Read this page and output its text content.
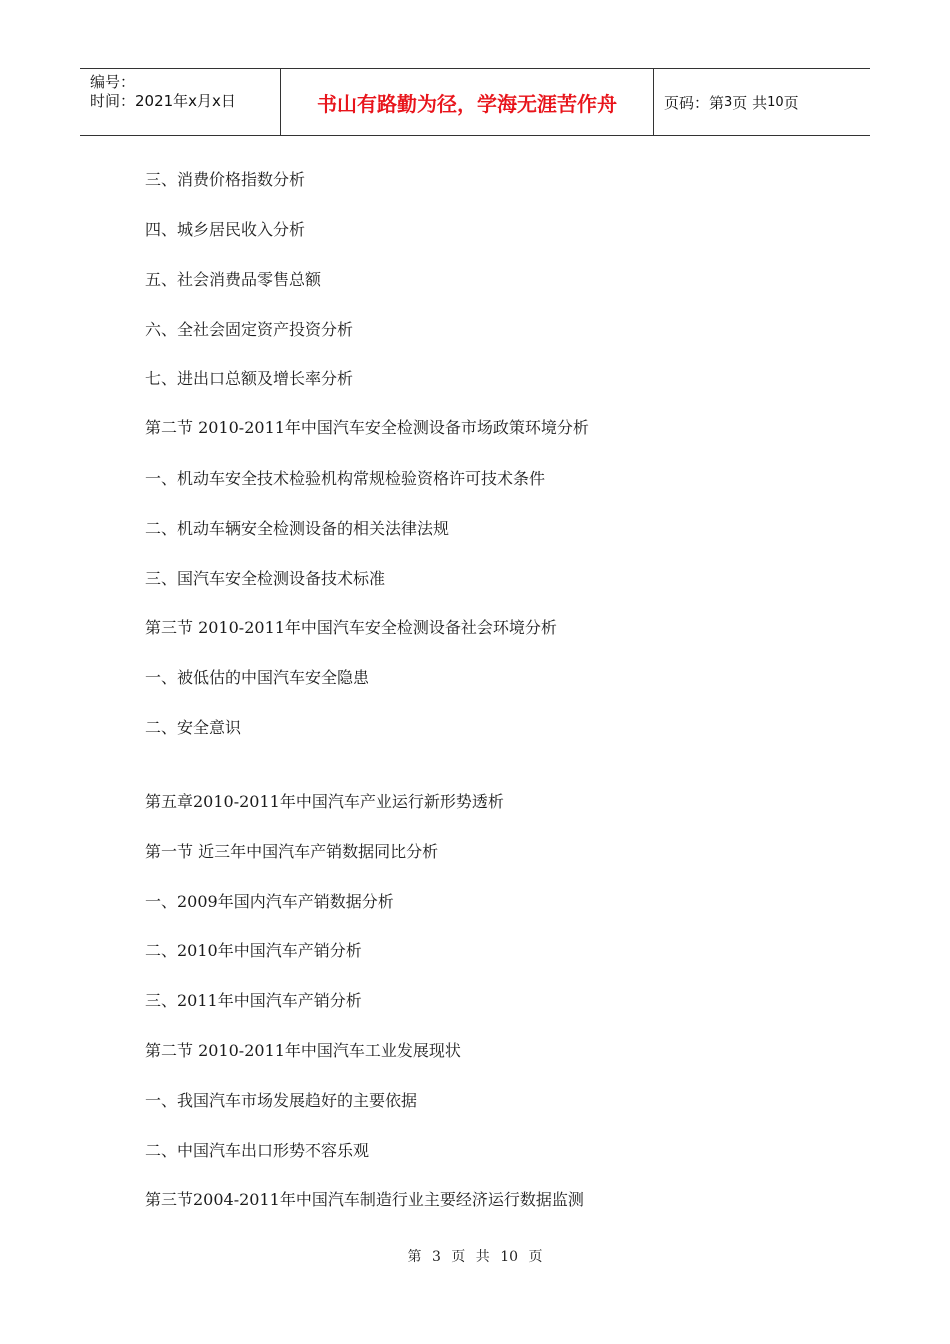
编号：
时间：2021年x月x日	书山有路勤为径，学海无涯苦作舟	页码：第 3 页 共 10 页
三、消费价格指数分析
四、城乡居民收入分析
五、社会消费品零售总额
六、全社会固定资产投资分析
七、进出口总额及增长率分析
第二节 2010-2011年中国汽车安全检测设备市场政策环境分析
一、机动车安全技术检验机构常规检验资格许可技术条件
二、机动车辆安全检测设备的相关法律法规
三、国汽车安全检测设备技术标准
第三节 2010-2011年中国汽车安全检测设备社会环境分析
一、被低估的中国汽车安全隐患
二、安全意识
第五章2010-2011年中国汽车产业运行新形势透析
第一节 近三年中国汽车产销数据同比分析
一、2009年国内汽车产销数据分析
二、2010年中国汽车产销分析
三、2011年中国汽车产销分析
第二节 2010-2011年中国汽车工业发展现状
一、我国汽车市场发展趋好的主要依据
二、中国汽车出口形势不容乐观
第三节2004-2011年中国汽车制造行业主要经济运行数据监测
第 3 页 共 10 页
